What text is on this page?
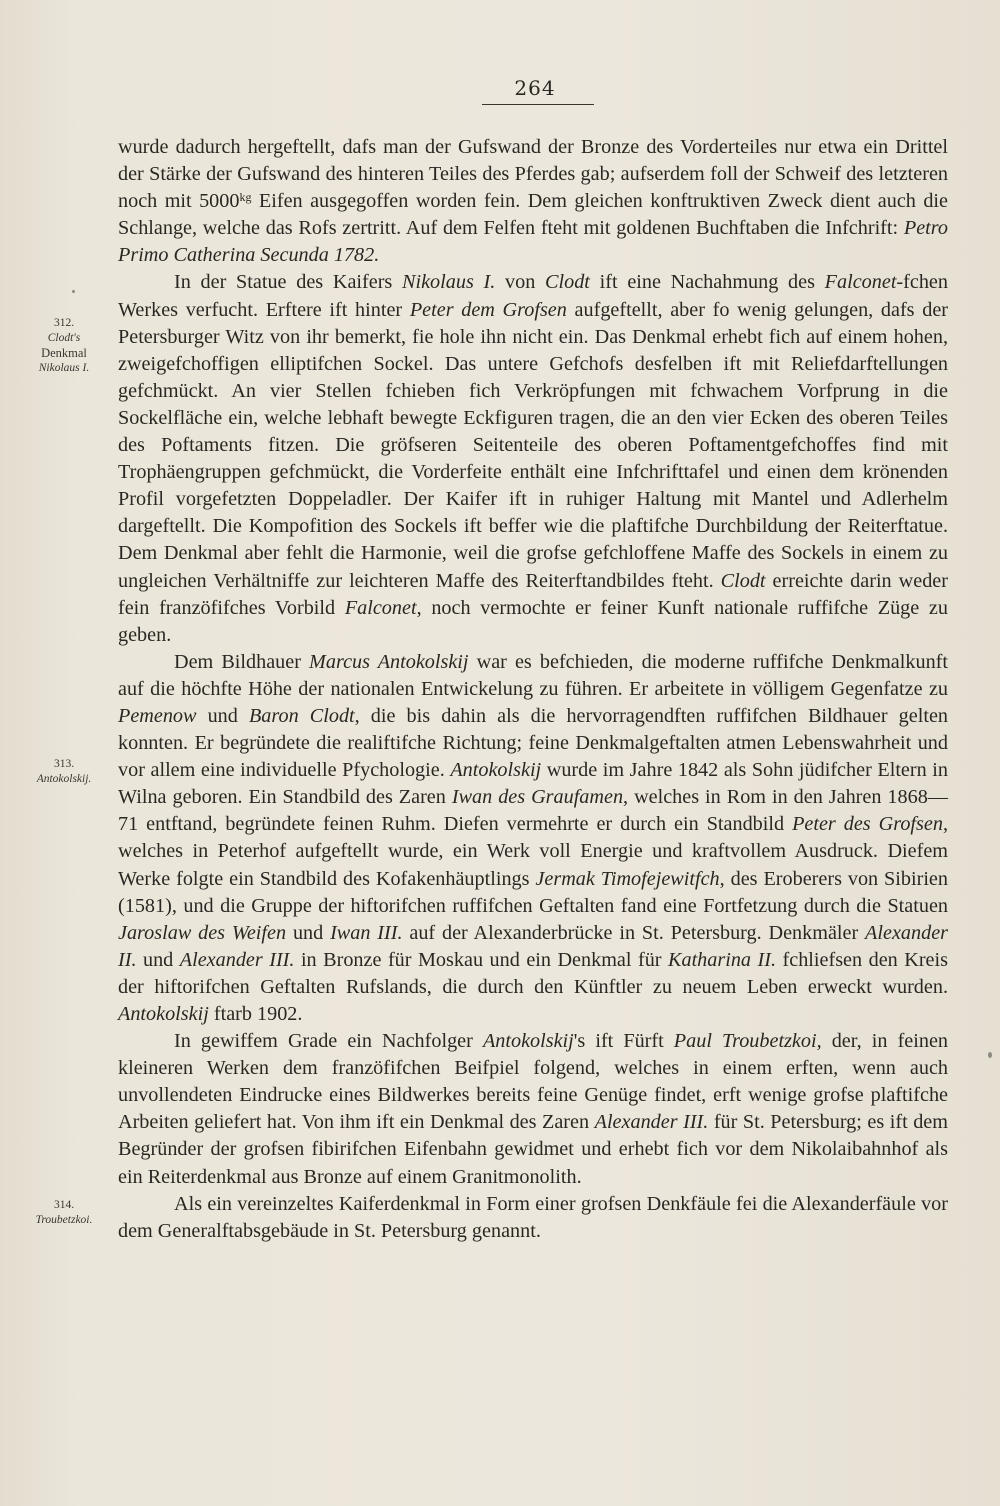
264
312.
Clodt's
Denkmal
Nikolaus I.
313.
Antokolskij.
314.
Troubetzkoi.

wurde dadurch hergeftellt, dafs man der Gufswand der Bronze des Vorderteiles nur etwa ein Drittel der Stärke der Gufswand des hinteren Teiles des Pferdes gab; aufserdem foll der Schweif des letzteren noch mit $5000^{kg}$ Eifen ausgegoffen worden fein. Dem gleichen konftruktiven Zweck dient auch die Schlange, welche das Rofs zertritt. Auf dem Felfen fteht mit goldenen Buchftaben die Infchrift: Petro Primo Catherina Secunda 1782.

In der Statue des Kaifers Nikolaus I. von Clodt ift eine Nachahmung des Falconet-fchen Werkes verfucht. Erftere ift hinter Peter dem Grofsen aufgeftellt, aber fo wenig gelungen, dafs der Petersburger Witz von ihr bemerkt, fie hole ihn nicht ein. Das Denkmal erhebt fich auf einem hohen, zweigefchoffigen elliptifchen Sockel. Das untere Gefchofs desfelben ift mit Reliefdarftellungen gefchmückt. An vier Stellen fchieben fich Verkröpfungen mit fchwachem Vorfprung in die Sockelfläche ein, welche lebhaft bewegte Eckfiguren tragen, die an den vier Ecken des oberen Teiles des Poftaments fitzen. Die gröfseren Seitenteile des oberen Poftamentgefchoffes find mit Trophäengruppen gefchmückt, die Vorderfeite enthält eine Infchrifttafel und einen dem krönenden Profil vorgefetzten Doppeladler. Der Kaifer ift in ruhiger Haltung mit Mantel und Adlerhelm dargeftellt. Die Kompofition des Sockels ift beffer wie die plaftifche Durchbildung der Reiterftatue. Dem Denkmal aber fehlt die Harmonie, weil die grofse gefchloffene Maffe des Sockels in einem zu ungleichen Verhältniffe zur leichteren Maffe des Reiterftandbildes fteht. Clodt erreichte darin weder fein franzöfifches Vorbild Falconet, noch vermochte er feiner Kunft nationale ruffifche Züge zu geben.

Dem Bildhauer Marcus Antokolskij war es befchieden, die moderne ruffifche Denkmalkunft auf die höchfte Höhe der nationalen Entwickelung zu führen. Er arbeitete in völligem Gegenfatze zu Pemenow und Baron Clodt, die bis dahin als die hervorragendften ruffifchen Bildhauer gelten konnten. Er begründete die realiftifche Richtung; feine Denkmalgeftalten atmen Lebenswahrheit und vor allem eine individuelle Pfychologie. Antokolskij wurde im Jahre 1842 als Sohn jüdifcher Eltern in Wilna geboren. Ein Standbild des Zaren Iwan des Graufamen, welches in Rom in den Jahren 1868—71 entftand, begründete feinen Ruhm. Diefen vermehrte er durch ein Standbild Peter des Grofsen, welches in Peterhof aufgeftellt wurde, ein Werk voll Energie und kraftvollem Ausdruck. Diefem Werke folgte ein Standbild des Kofakenhäuptlings Jermak Timofejewitfch, des Eroberers von Sibirien (1581), und die Gruppe der hiftorifchen ruffifchen Geftalten fand eine Fortfetzung durch die Statuen Jaroslaw des Weifen und Iwan III. auf der Alexanderbrücke in St. Petersburg. Denkmäler Alexander II. und Alexander III. in Bronze für Moskau und ein Denkmal für Katharina II. fchliefsen den Kreis der hiftorifchen Geftalten Rufslands, die durch den Künftler zu neuem Leben erweckt wurden. Antokolskij ftarb 1902.

In gewiffem Grade ein Nachfolger Antokolskij's ift Fürft Paul Troubetzkoi, der, in feinen kleineren Werken dem franzöfifchen Beifpiel folgend, welches in einem erften, wenn auch unvollendeten Eindrucke eines Bildwerkes bereits feine Genüge findet, erft wenige grofse plaftifche Arbeiten geliefert hat. Von ihm ift ein Denkmal des Zaren Alexander III. für St. Petersburg; es ift dem Begründer der grofsen fibirifchen Eifenbahn gewidmet und erhebt fich vor dem Nikolaibahnhof als ein Reiterdenkmal aus Bronze auf einem Granitmonolith.

Als ein vereinzeltes Kaiferdenkmal in Form einer grofsen Denkfäule fei die Alexanderfäule vor dem Generalftabsgebäude in St. Petersburg genannt.
